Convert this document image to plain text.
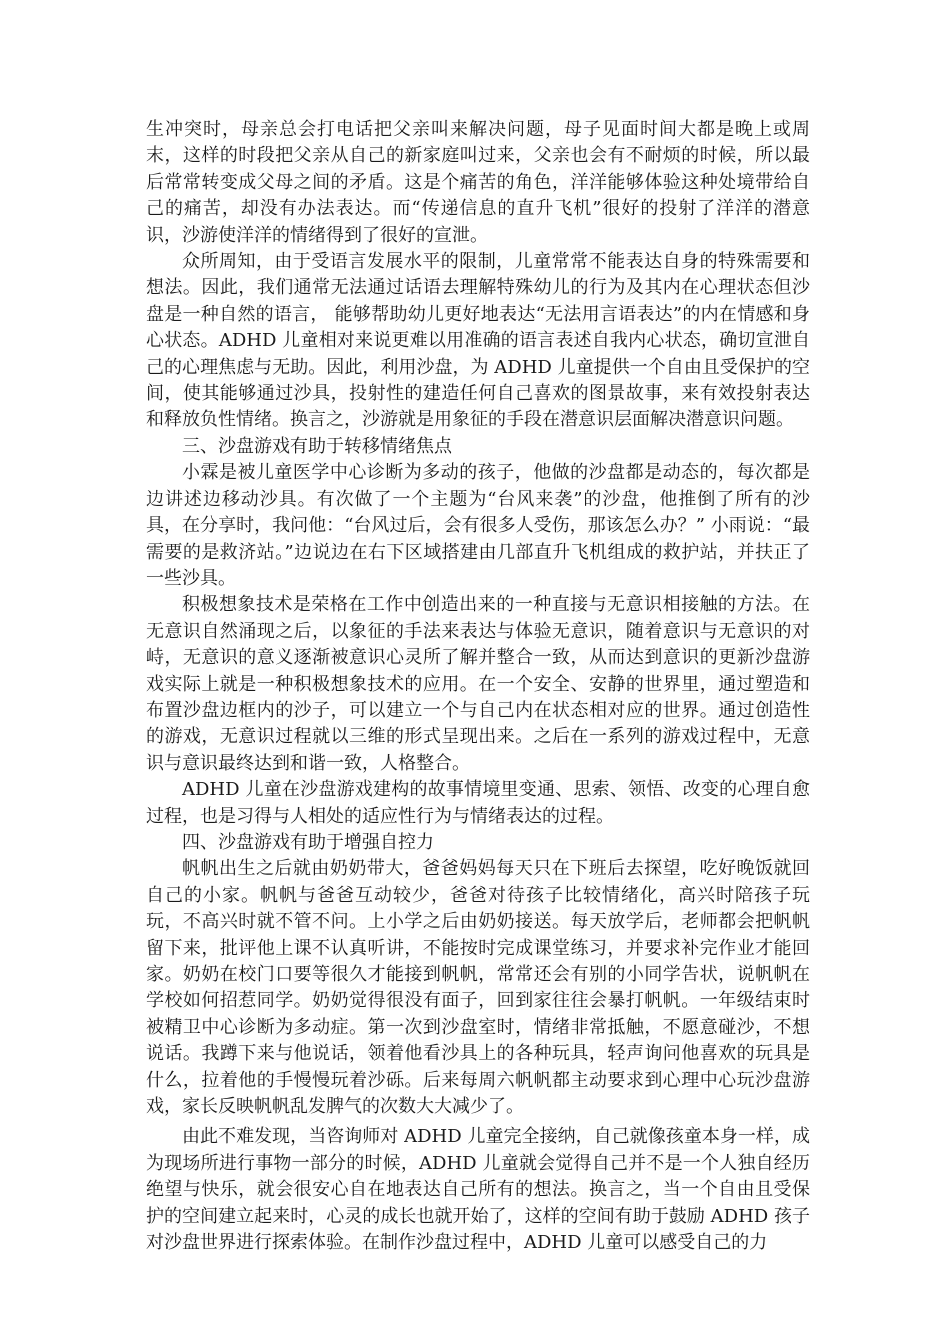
生冲突时，母亲总会打电话把父亲叫来解决问题，母子见面时间大都是晚上或周末，这样的时段把父亲从自己的新家庭叫过来，父亲也会有不耐烦的时候，所以最后常常转变成父母之间的矛盾。这是个痛苦的角色，洋洋能够体验这种处境带给自己的痛苦，却没有办法表达。而“传递信息的直升飞机”很好的投射了洋洋的潜意识，沙游使洋洋的情绪得到了很好的宣泄。

众所周知，由于受语言发展水平的限制，儿童常常不能表达自身的特殊需要和想法。因此，我们通常无法通过话语去理解特殊幼儿的行为及其内在心理状态但沙盘是一种自然的语言， 能够帮助幼儿更好地表达“无法用言语表达”的内在情感和身心状态。ADHD 儿童相对来说更难以用准确的语言表述自我内心状态，确切宣泄自己的心理焦虑与无助。因此，利用沙盘，为 ADHD 儿童提供一个自由且受保护的空间，使其能够通过沙具，投射性的建造任何自己喜欢的图景故事，来有效投射表达和释放负性情绪。换言之，沙游就是用象征的手段在潜意识层面解决潜意识问题。

三、沙盘游戏有助于转移情绪焦点

小霖是被儿童医学中心诊断为多动的孩子，他做的沙盘都是动态的，每次都是边讲述边移动沙具。有次做了一个主题为“台风来袭”的沙盘，他推倒了所有的沙具，在分享时，我问他：“台风过后，会有很多人受伤，那该怎么办？” 小雨说：“最需要的是救济站。”边说边在右下区域搭建由几部直升飞机组成的救护站，并扶正了一些沙具。

积极想象技术是荣格在工作中创造出来的一种直接与无意识相接触的方法。在无意识自然涌现之后，以象征的手法来表达与体验无意识，随着意识与无意识的对峙，无意识的意义逐渐被意识心灵所了解并整合一致，从而达到意识的更新沙盘游戏实际上就是一种积极想象技术的应用。在一个安全、安静的世界里，通过塑造和布置沙盘边框内的沙子，可以建立一个与自己内在状态相对应的世界。通过创造性的游戏，无意识过程就以三维的形式呈现出来。之后在一系列的游戏过程中，无意识与意识最终达到和谐一致，人格整合。

ADHD 儿童在沙盘游戏建构的故事情境里变通、思索、领悟、改变的心理自愈过程，也是习得与人相处的适应性行为与情绪表达的过程。

四、沙盘游戏有助于增强自控力

帆帆出生之后就由奶奶带大，爸爸妈妈每天只在下班后去探望，吃好晚饭就回自己的小家。帆帆与爸爸互动较少，爸爸对待孩子比较情绪化，高兴时陪孩子玩玩，不高兴时就不管不问。上小学之后由奶奶接送。每天放学后，老师都会把帆帆留下来，批评他上课不认真听讲，不能按时完成课堂练习，并要求补完作业才能回家。奶奶在校门口要等很久才能接到帆帆，常常还会有别的小同学告状，说帆帆在学校如何招惹同学。奶奶觉得很没有面子，回到家往往会暴打帆帆。一年级结束时被精卫中心诊断为多动症。第一次到沙盘室时，情绪非常抵触，不愿意碰沙，不想说话。我蹲下来与他说话，领着他看沙具上的各种玩具，轻声询问他喜欢的玩具是什么，拉着他的手慢慢玩着沙砾。后来每周六帆帆都主动要求到心理中心玩沙盘游戏，家长反映帆帆乱发脾气的次数大大减少了。

由此不难发现，当咨询师对 ADHD 儿童完全接纳，自己就像孩童本身一样，成为现场所进行事物一部分的时候，ADHD 儿童就会觉得自己并不是一个人独自经历绝望与快乐，就会很安心自在地表达自己所有的想法。换言之，当一个自由且受保护的空间建立起来时，心灵的成长也就开始了，这样的空间有助于鼓励 ADHD 孩子对沙盘世界进行探索体验。在制作沙盘过程中，ADHD 儿童可以感受自己的力
